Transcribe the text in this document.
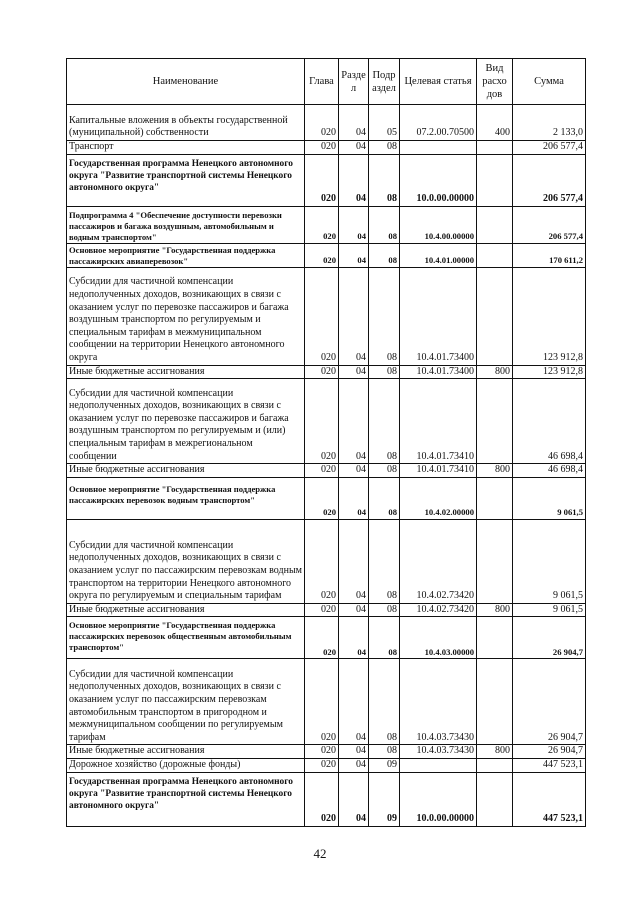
Наименование	Глава	Разде л	Подр аздел	Целевая статья	Вид расхо дов	Сумма
Капитальные вложения в объекты государственной (муниципальной) собственности	020	04	05	07.2.00.70500	400	2 133,0
Транспорт	020	04	08			206 577,4
Государственная программа Ненецкого автономного округа "Развитие транспортной системы Ненецкого автономного округа"	020	04	08	10.0.00.00000		206 577,4
Подпрограмма 4 "Обеспечение доступности перевозки пассажиров и багажа воздушным, автомобильным и водным транспортом"	020	04	08	10.4.00.00000		206 577,4
Основное мероприятие "Государственная поддержка пассажирских авиаперевозок"	020	04	08	10.4.01.00000		170 611,2
Субсидии для частичной компенсации недополученных доходов, возникающих в связи с оказанием услуг по перевозке пассажиров и багажа воздушным транспортом по регулируемым и специальным тарифам в межмуниципальном сообщении на территории Ненецкого автономного округа	020	04	08	10.4.01.73400		123 912,8
Иные бюджетные ассигнования	020	04	08	10.4.01.73400	800	123 912,8
Субсидии для частичной компенсации недополученных доходов, возникающих в связи с оказанием услуг по перевозке пассажиров и багажа воздушным транспортом по регулируемым и (или) специальным тарифам в межрегиональном сообщении	020	04	08	10.4.01.73410		46 698,4
Иные бюджетные ассигнования	020	04	08	10.4.01.73410	800	46 698,4
Основное мероприятие "Государственная поддержка пассажирских перевозок водным транспортом"	020	04	08	10.4.02.00000		9 061,5
Субсидии для частичной компенсации недополученных доходов, возникающих в связи с оказанием услуг по пассажирским перевозкам водным транспортом на территории Ненецкого автономного округа по регулируемым и специальным тарифам	020	04	08	10.4.02.73420		9 061,5
Иные бюджетные ассигнования	020	04	08	10.4.02.73420	800	9 061,5
Основное мероприятие "Государственная поддержка пассажирских перевозок общественным автомобильным транспортом"	020	04	08	10.4.03.00000		26 904,7
Субсидии для частичной компенсации недополученных доходов, возникающих в связи с оказанием услуг по пассажирским перевозкам автомобильным транспортом в пригородном и межмуниципальном сообщении по регулируемым тарифам	020	04	08	10.4.03.73430		26 904,7
Иные бюджетные ассигнования	020	04	08	10.4.03.73430	800	26 904,7
Дорожное хозяйство (дорожные фонды)	020	04	09			447 523,1
Государственная программа Ненецкого автономного округа "Развитие транспортной системы Ненецкого автономного округа"	020	04	09	10.0.00.00000		447 523,1
42
